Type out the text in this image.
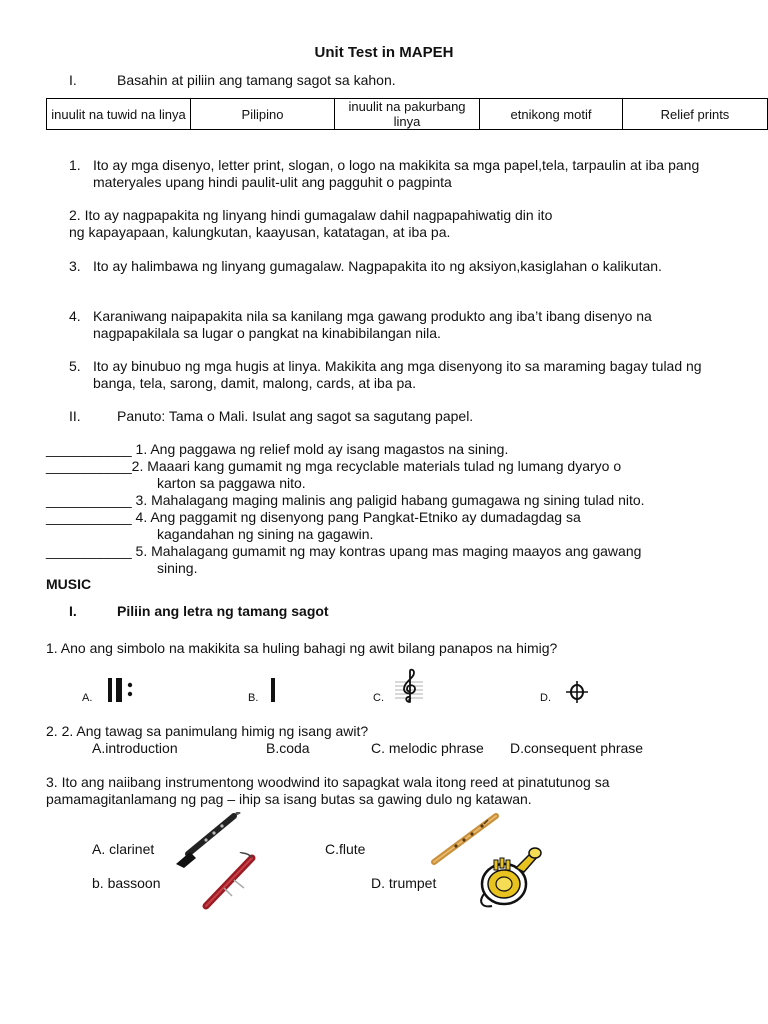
Unit Test in MAPEH
I.	Basahin at piliin ang tamang sagot sa kahon.
inuulit na tuwid na linya	Pilipino	inuulit na pakurbang linya	etnikong motif	Relief prints
1. Ito ay mga disenyo, letter print, slogan, o logo na makikita sa mga papel,tela, tarpaulin at iba pang materyales upang hindi paulit-ulit ang pagguhit o pagpinta
2. Ito ay nagpapakita ng linyang hindi gumagalaw dahil nagpapahiwatig din ito
ng kapayapaan, kalungkutan, kaayusan, katatagan, at iba pa.
3. Ito ay halimbawa ng linyang gumagalaw. Nagpapakita ito ng aksiyon,kasiglahan o kalikutan.
4. Karaniwang naipapakita nila sa kanilang mga gawang produkto ang iba’t ibang disenyo na nagpapakilala sa lugar o pangkat na kinabibilangan nila.
5. Ito ay binubuo ng mga hugis at linya. Makikita ang mga disenyong ito sa maraming bagay tulad ng banga, tela, sarong, damit, malong, cards, at iba pa.
II.	Panuto: Tama o Mali. Isulat ang sagot sa sagutang papel.
___________ 1. Ang paggawa ng relief mold ay isang magastos na sining.
___________2. Maaari kang gumamit ng mga recyclable materials tulad ng lumang dyaryo o
karton sa paggawa nito.
___________ 3. Mahalagang maging malinis ang paligid habang gumagawa ng sining tulad nito.
___________ 4. Ang paggamit ng disenyong pang Pangkat-Etniko ay dumadagdag sa
kagandahan ng sining na gagawin.
___________ 5. Mahalagang gumamit ng may kontras upang mas maging maayos ang gawang
sining.
MUSIC
I.	Piliin ang letra ng tamang sagot
1. Ano ang simbolo na makikita sa huling bahagi ng awit bilang panapos na himig?
A.	B.	C.	D.
2. 2. Ang tawag sa panimulang himig ng isang awit?
A.introduction	B.coda	C. melodic phrase D.consequent phrase
3. Ito ang naiibang instrumentong woodwind ito sapagkat wala itong reed at pinatutunog sa
pamamagitanlamang ng pag – ihip sa isang butas sa gawing dulo ng katawan.
A. clarinet	C.flute
b. bassoon	D. trumpet
